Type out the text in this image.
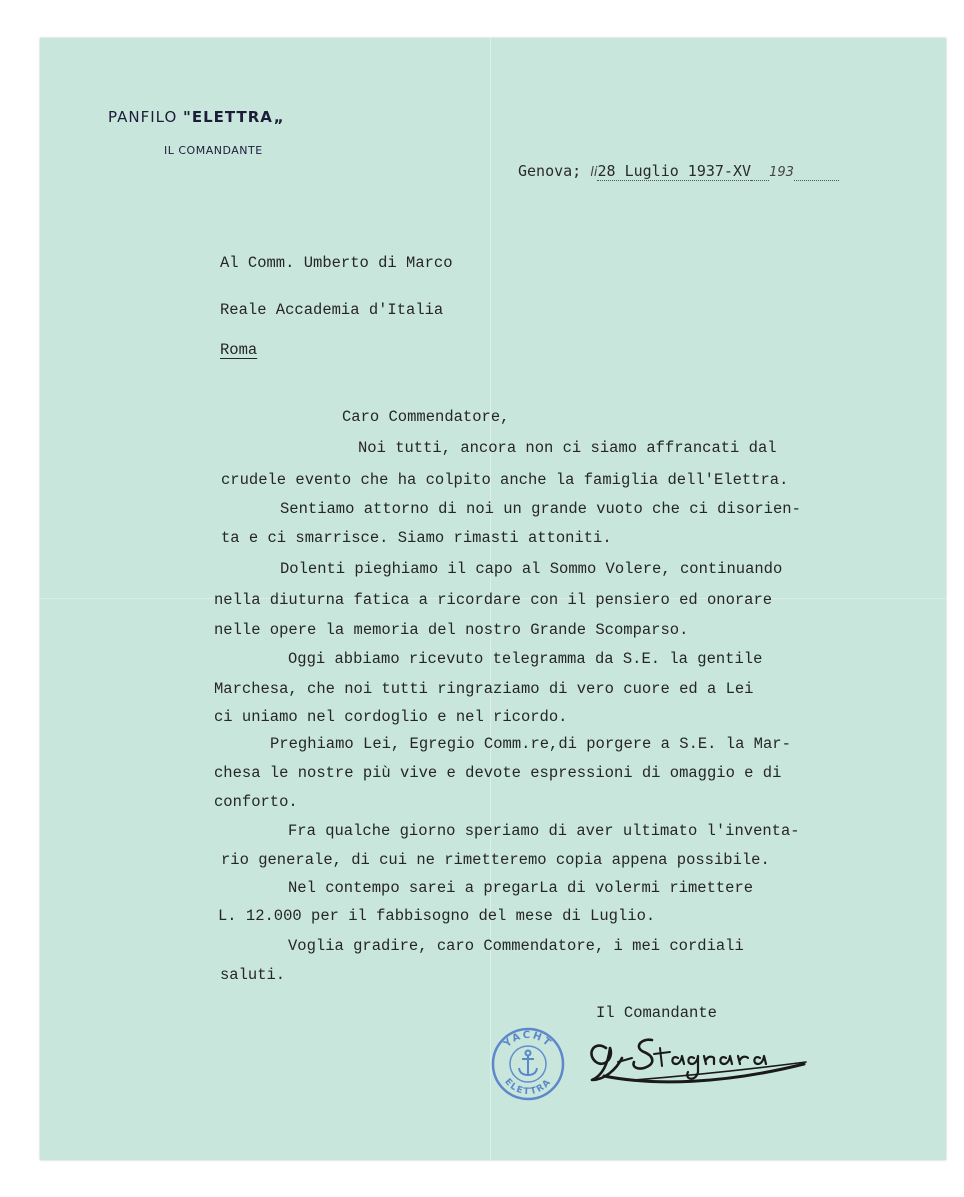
PANFILO "ELETTRA„
IL COMANDANTE
Genova; li28 Luglio 1937-XV 193
Al Comm. Umberto di Marco
Reale Accademia d'Italia
Roma
Caro Commendatore,
Noi tutti, ancora non ci siamo affrancati dal
crudele evento che ha colpito anche la famiglia dell'Elettra.
Sentiamo attorno di noi un grande vuoto che ci disorien-
ta e ci smarrisce. Siamo rimasti attoniti.
Dolenti pieghiamo il capo al Sommo Volere, continuando
nella diuturna fatica a ricordare con il pensiero ed onorare
nelle opere la memoria del nostro Grande Scomparso.
Oggi abbiamo ricevuto telegramma da S.E. la gentile
Marchesa, che noi tutti ringraziamo di vero cuore ed a Lei
ci uniamo nel cordoglio e nel ricordo.
Preghiamo Lei, Egregio Comm.re,di porgere a S.E. la Mar-
chesa le nostre più vive e devote espressioni di omaggio e di
conforto.
Fra qualche giorno speriamo di aver ultimato l'inventa-
rio generale, di cui ne rimetteremo copia appena possibile.
Nel contempo sarei a pregarLa di volermi rimettere
L. 12.000 per il fabbisogno del mese di Luglio.
Voglia gradire, caro Commendatore, i mei cordiali
saluti.
Il Comandante
YACHT
ELETTRA
